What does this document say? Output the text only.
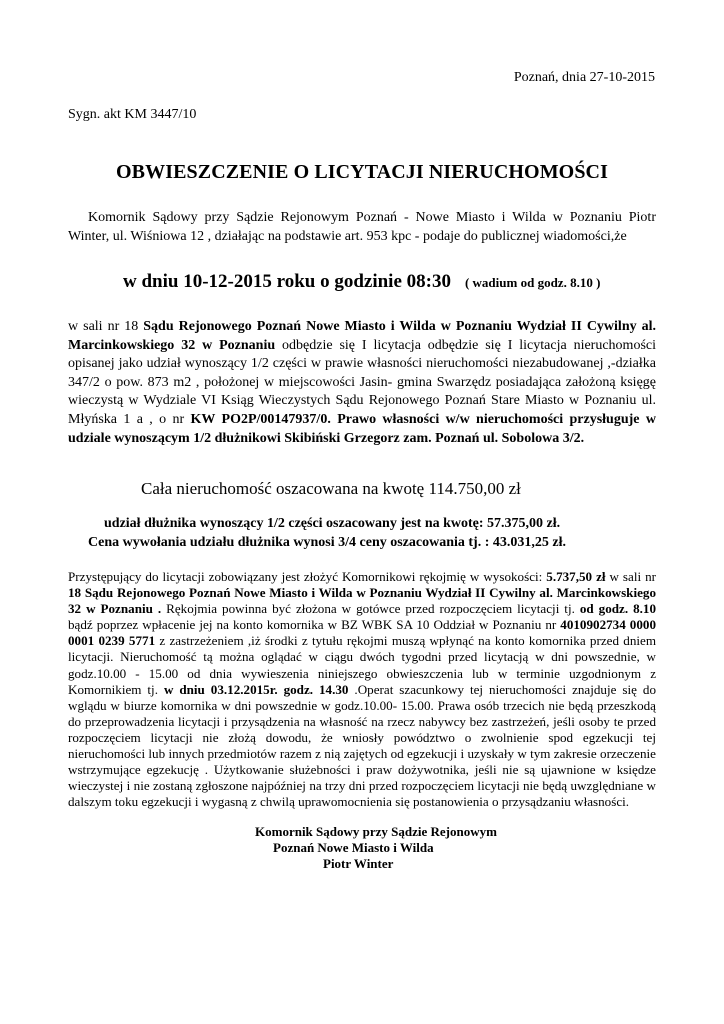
Poznań, dnia 27-10-2015
Sygn. akt KM 3447/10
OBWIESZCZENIE O LICYTACJI NIERUCHOMOŚCI
Komornik Sądowy przy Sądzie Rejonowym Poznań - Nowe Miasto i Wilda w Poznaniu Piotr Winter, ul. Wiśniowa 12 , działając na podstawie art. 953 kpc - podaje do publicznej wiadomości,że
w dniu 10-12-2015 roku o godzinie 08:30 ( wadium od godz. 8.10 )
w sali nr 18 Sądu Rejonowego Poznań Nowe Miasto i Wilda w Poznaniu Wydział II Cywilny al. Marcinkowskiego 32 w Poznaniu odbędzie się I licytacja odbędzie się I licytacja nieruchomości opisanej jako udział wynoszący 1/2 części w prawie własności nieruchomości niezabudowanej ,-działka 347/2 o pow. 873 m2 , położonej w miejscowości Jasin- gmina Swarzędz posiadająca założoną księgę wieczystą w Wydziale VI Ksiąg Wieczystych Sądu Rejonowego Poznań Stare Miasto w Poznaniu ul. Młyńska 1 a , o nr KW PO2P/00147937/0. Prawo własności w/w nieruchomości przysługuje w udziale wynoszącym 1/2 dłużnikowi Skibiński Grzegorz zam. Poznań ul. Sobolowa 3/2.
Cała nieruchomość oszacowana na kwotę 114.750,00 zł
udział dłużnika wynoszący 1/2 części oszacowany jest na kwotę: 57.375,00 zł.
Cena wywołania udziału dłużnika wynosi 3/4 ceny oszacowania tj. : 43.031,25 zł.
Przystępujący do licytacji zobowiązany jest złożyć Komornikowi rękojmię w wysokości: 5.737,50 zł w sali nr 18 Sądu Rejonowego Poznań Nowe Miasto i Wilda w Poznaniu Wydział II Cywilny al. Marcinkowskiego 32 w Poznaniu . Rękojmia powinna być złożona w gotówce przed rozpoczęciem licytacji tj. od godz. 8.10 bądź poprzez wpłacenie jej na konto komornika w BZ WBK SA 10 Oddział w Poznaniu nr 4010902734 0000 0001 0239 5771 z zastrzeżeniem ,iż środki z tytułu rękojmi muszą wpłynąć na konto komornika przed dniem licytacji. Nieruchomość tą można oglądać w ciągu dwóch tygodni przed licytacją w dni powszednie, w godz.10.00 - 15.00 od dnia wywieszenia niniejszego obwieszczenia lub w terminie uzgodnionym z Komornikiem tj. w dniu 03.12.2015r. godz. 14.30 .Operat szacunkowy tej nieruchomości znajduje się do wglądu w biurze komornika w dni powszednie w godz.10.00- 15.00. Prawa osób trzecich nie będą przeszkodą do przeprowadzenia licytacji i przysądzenia na własność na rzecz nabywcy bez zastrzeżeń, jeśli osoby te przed rozpoczęciem licytacji nie złożą dowodu, że wniosły powództwo o zwolnienie spod egzekucji tej nieruchomości lub innych przedmiotów razem z nią zajętych od egzekucji i uzyskały w tym zakresie orzeczenie wstrzymujące egzekucję . Użytkowanie służebności i praw dożywotnika, jeśli nie są ujawnione w księdze wieczystej i nie zostaną zgłoszone najpóźniej na trzy dni przed rozpoczęciem licytacji nie będą uwzględniane w dalszym toku egzekucji i wygasną z chwilą uprawomocnienia się postanowienia o przysądzaniu własności.
Komornik Sądowy przy Sądzie Rejonowym
Poznań Nowe Miasto i Wilda
Piotr Winter
